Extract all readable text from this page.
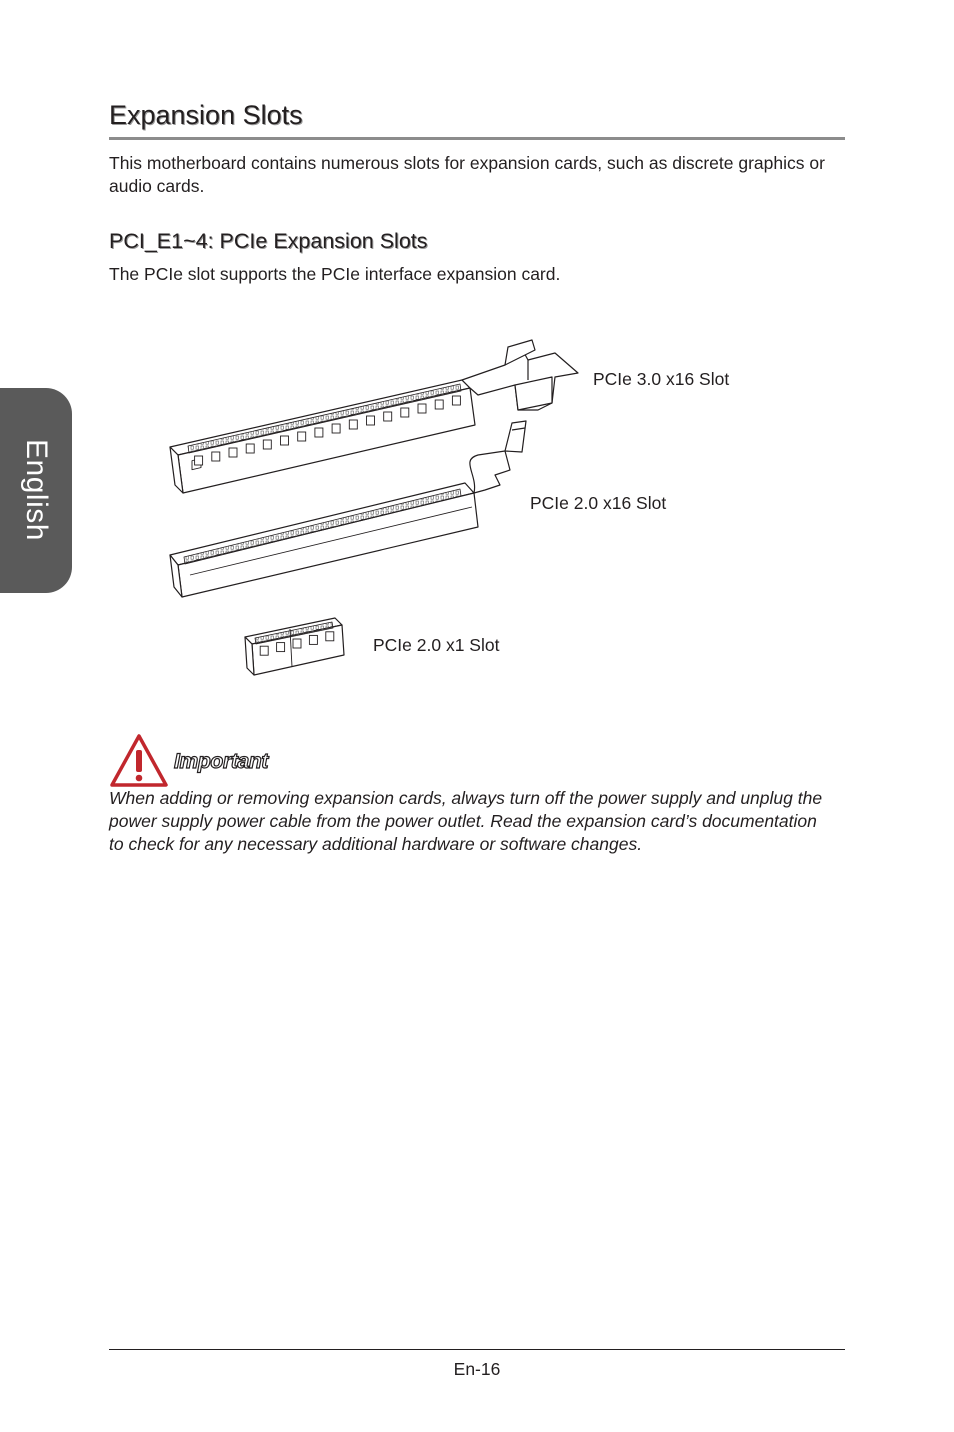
English
Expansion Slots

This motherboard contains numerous slots for expansion cards, such as discrete graphics or audio cards.

PCI_E1~4: PCIe Expansion Slots

The PCIe slot supports the PCIe interface expansion card.

PCIe 3.0 x16 Slot
PCIe 2.0 x16 Slot
PCIe 2.0 x1 Slot
Important

When adding or removing expansion cards, always turn off the power supply and unplug the power supply power cable from the power outlet. Read the expansion card’s documentation to check for any necessary additional hardware or software changes.

En-16
